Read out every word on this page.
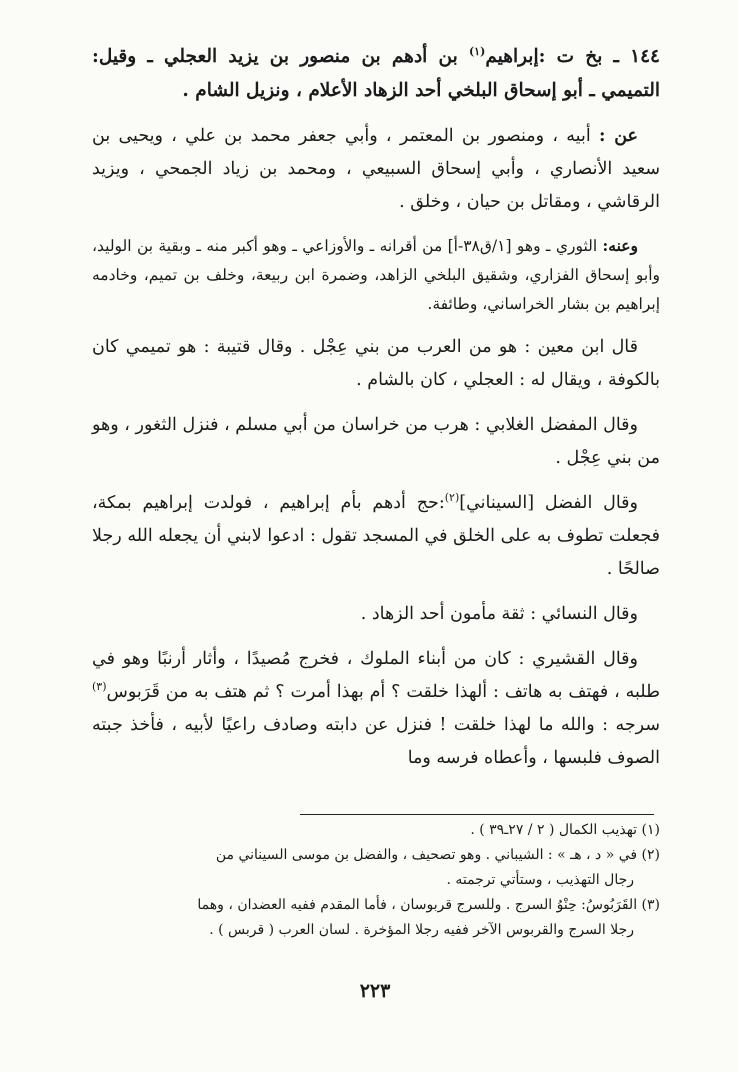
١٤٤ ـ بخ ت :إبراهيم$^{(١)}$ بن أدهم بن منصور بن يزيد العجلي ـ وقيل: التميمي ـ أبو إسحاق البلخي أحد الزهاد الأعلام ، ونزيل الشام .

عن : أبيه ، ومنصور بن المعتمر ، وأبي جعفر محمد بن علي ، ويحيى بن سعيد الأنصاري ، وأبي إسحاق السبيعي ، ومحمد بن زياد الجمحي ، ويزيد الرقاشي ، ومقاتل بن حيان ، وخلق .

وعنه: الثوري ـ وهو [١/ق٣٨-أ] من أقرانه ـ والأوزاعي ـ وهو أكبر منه ـ وبقية بن الوليد، وأبو إسحاق الفزاري، وشقيق البلخي الزاهد، وضمرة ابن ربيعة، وخلف بن تميم، وخادمه إبراهيم بن بشار الخراساني، وطائفة.

قال ابن معين : هو من العرب من بني عِجْل . وقال قتيبة : هو تميمي كان بالكوفة ، ويقال له : العجلي ، كان بالشام .

وقال المفضل الغلابي : هرب من خراسان من أبي مسلم ، فنزل الثغور ، وهو من بني عِجْل .

وقال الفضل [السيناني]$^{(٢)}$:حج أدهم بأم إبراهيم ، فولدت إبراهيم بمكة، فجعلت تطوف به على الخلق في المسجد تقول : ادعوا لابني أن يجعله الله رجلا صالحًا .

وقال النسائي : ثقة مأمون أحد الزهاد .

وقال القشيري : كان من أبناء الملوك ، فخرج مُصيدًا ، وأثار أرنبًا وهو في طلبه ، فهتف به هاتف : ألهذا خلقت ؟ أم بهذا أمرت ؟ ثم هتف به من قَرَبوس$^{(٣)}$ سرجه : والله ما لهذا خلقت ! فنزل عن دابته وصادف راعيًا لأبيه ، فأخذ جبته الصوف فلبسها ، وأعطاه فرسه وما

(١) تهذيب الكمال ( ٢ / ٢٧ـ٣٩ ) .

(٢) في « د ، هـ » : الشيباني . وهو تصحيف ، والفضل بن موسى السيناني من

رجال التهذيب ، وستأتي ترجمته .

(٣) القَرَبُوسُ: حِنْوُ السرج . وللسرج قربوسان ، فأما المقدم ففيه العضدان ، وهما

رجلا السرج والقربوس الآخر ففيه رجلا المؤخرة . لسان العرب ( قربس ) .

٢٢٣
